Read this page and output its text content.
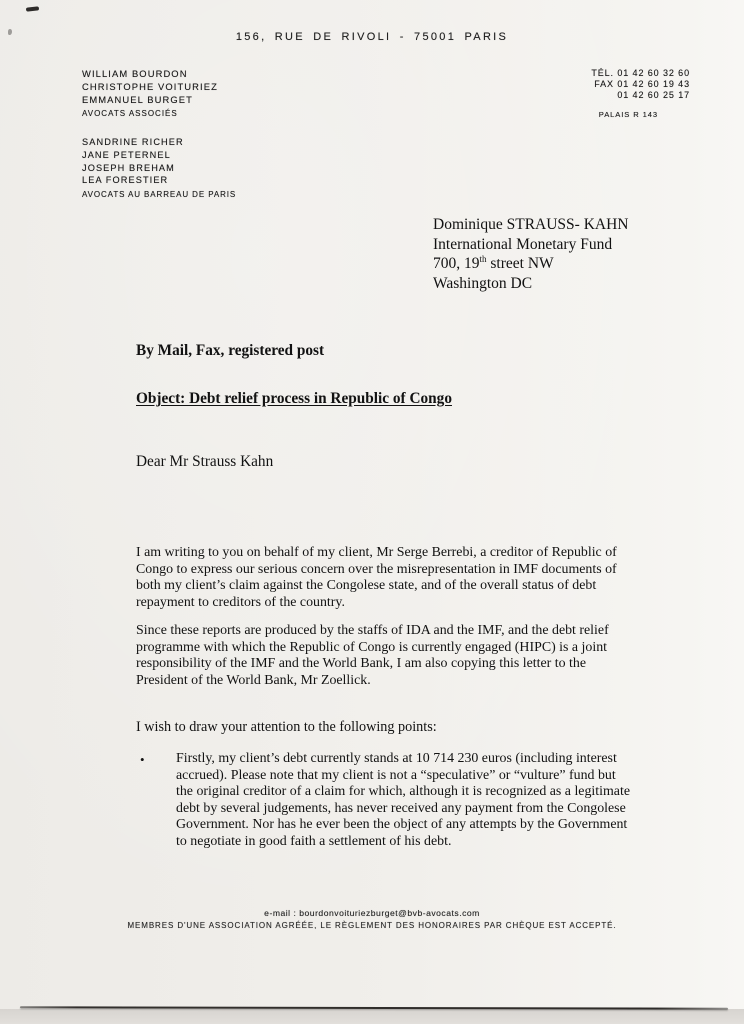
156, RUE DE RIVOLI - 75001 PARIS
WILLIAM BOURDON
CHRISTOPHE VOITURIEZ
EMMANUEL BURGET
AVOCATS ASSOCIÉS
SANDRINE RICHER
JANE PETERNEL
JOSEPH BREHAM
LEA FORESTIER
AVOCATS AU BARREAU DE PARIS
TÉL. 01 42 60 32 60
FAX 01 42 60 19 43
01 42 60 25 17
PALAIS R 143
Dominique STRAUSS- KAHN
International Monetary Fund
700, 19th street NW
Washington DC
By Mail, Fax, registered post
Object: Debt relief process in Republic of Congo
Dear Mr Strauss Kahn
I am writing to you on behalf of my client, Mr Serge Berrebi, a creditor of Republic of Congo to express our serious concern over the misrepresentation in IMF documents of both my client’s claim against the Congolese state, and of the overall status of debt repayment to creditors of the country.
Since these reports are produced by the staffs of IDA and the IMF, and the debt relief programme with which the Republic of Congo is currently engaged (HIPC) is a joint responsibility of the IMF and the World Bank, I am also copying this letter to the President of the World Bank, Mr Zoellick.
I wish to draw your attention to the following points:
•	Firstly, my client’s debt currently stands at 10 714 230 euros (including interest accrued). Please note that my client is not a “speculative” or “vulture” fund but the original creditor of a claim for which, although it is recognized as a legitimate debt by several judgements, has never received any payment from the Congolese Government. Nor has he ever been the object of any attempts by the Government to negotiate in good faith a settlement of his debt.
e-mail : bourdonvoituriezburget@bvb-avocats.com
MEMBRES D'UNE ASSOCIATION AGRÉÉE, LE RÈGLEMENT DES HONORAIRES PAR CHÈQUE EST ACCEPTÉ.
